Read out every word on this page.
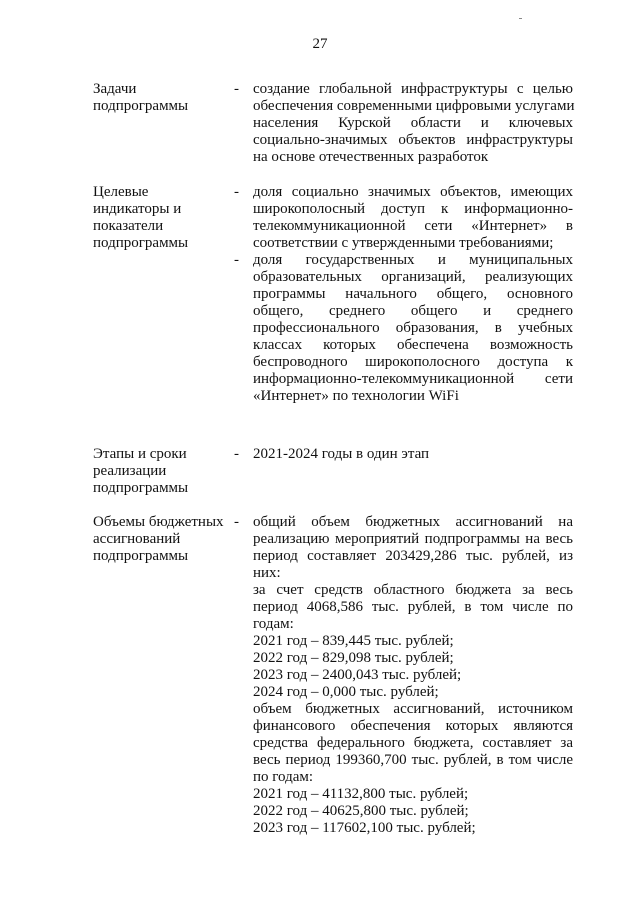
27
Задачи
подпрограммы
- создание глобальной инфраструктуры с целью
обеспечения современными цифровыми услугами
населения Курской области и ключевых
социально-значимых объектов инфраструктуры
на основе отечественных разработок
Целевые
индикаторы и
показатели
подпрограммы
- доля социально значимых объектов, имеющих
широкополосный доступ к информационно-
телекоммуникационной сети «Интернет» в
соответствии с утвержденными требованиями;
- доля государственных и муниципальных
образовательных организаций, реализующих
программы начального общего, основного
общего, среднего общего и среднего
профессионального образования, в учебных
классах которых обеспечена возможность
беспроводного широкополосного доступа к
информационно-телекоммуникационной сети
«Интернет» по технологии WiFi
Этапы и сроки
реализации
подпрограммы
- 2021-2024 годы в один этап
Объемы бюджетных
ассигнований
подпрограммы
- общий объем бюджетных ассигнований на
реализацию мероприятий подпрограммы на весь
период составляет 203429,286 тыс. рублей, из
них:
за счет средств областного бюджета за весь
период 4068,586 тыс. рублей, в том числе по
годам:
2021 год – 839,445 тыс. рублей;
2022 год – 829,098 тыс. рублей;
2023 год – 2400,043 тыс. рублей;
2024 год – 0,000 тыс. рублей;
объем бюджетных ассигнований, источником
финансового обеспечения которых являются
средства федерального бюджета, составляет за
весь период 199360,700 тыс. рублей, в том числе
по годам:
2021 год – 41132,800 тыс. рублей;
2022 год – 40625,800 тыс. рублей;
2023 год – 117602,100 тыс. рублей;
